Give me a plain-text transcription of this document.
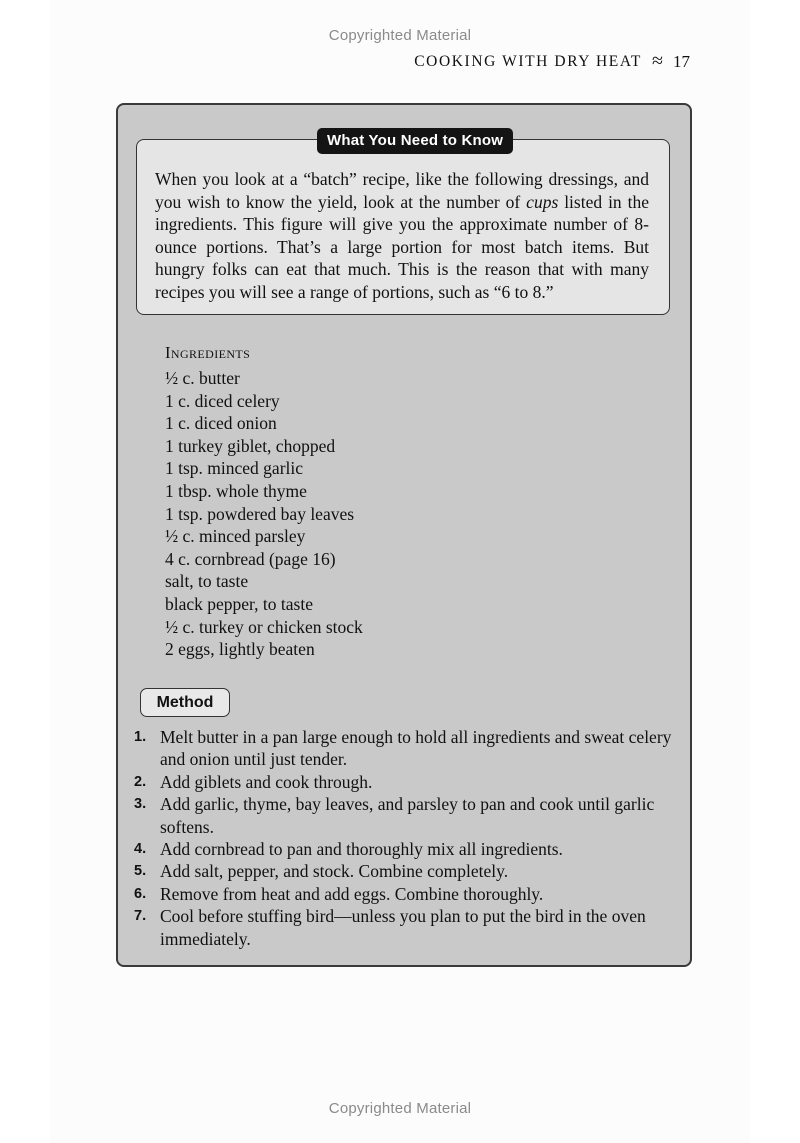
Copyrighted Material
COOKING WITH DRY HEAT ≈ 17
What You Need to Know
When you look at a “batch” recipe, like the following dressings, and you wish to know the yield, look at the number of cups listed in the ingredients. This figure will give you the approximate number of 8-ounce portions. That’s a large portion for most batch items. But hungry folks can eat that much. This is the reason that with many recipes you will see a range of portions, such as “6 to 8.”
Ingredients
½ c. butter
1 c. diced celery
1 c. diced onion
1 turkey giblet, chopped
1 tsp. minced garlic
1 tbsp. whole thyme
1 tsp. powdered bay leaves
½ c. minced parsley
4 c. cornbread (page 16)
salt, to taste
black pepper, to taste
½ c. turkey or chicken stock
2 eggs, lightly beaten
Method
1. Melt butter in a pan large enough to hold all ingredients and sweat celery and onion until just tender.
2. Add giblets and cook through.
3. Add garlic, thyme, bay leaves, and parsley to pan and cook until garlic softens.
4. Add cornbread to pan and thoroughly mix all ingredients.
5. Add salt, pepper, and stock. Combine completely.
6. Remove from heat and add eggs. Combine thoroughly.
7. Cool before stuffing bird—unless you plan to put the bird in the oven immediately.
Copyrighted Material
